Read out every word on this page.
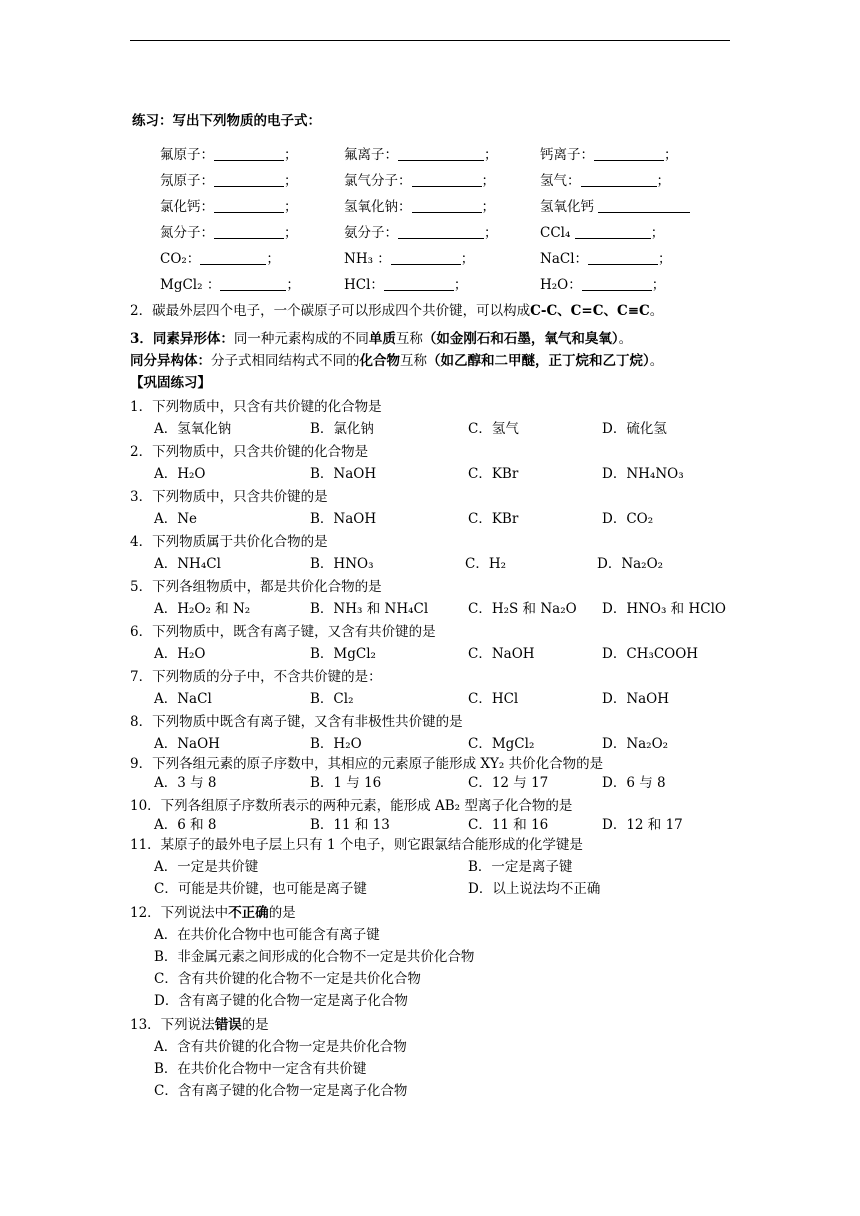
练习：写出下列物质的电子式：
氟原子：	；	氟离子：	；	钙离子：	；
氖原子：	；	氯气分子：	；	氢气：	；
氯化钙：	；	氢氧化钠：	；	氢氧化钙
氮分子：	；	氨分子：	；	CCl₄	；
CO₂：	；	NH₃ ：	；	NaCl：	；
MgCl₂ ：	；	HCl：	；	H₂O：	；
2．碳最外层四个电子，一个碳原子可以形成四个共价键，可以构成C-C、C=C、C≡C。
3．同素异形体：同一种元素构成的不同单质互称（如金刚石和石墨，氧气和臭氧）。
同分异构体：分子式相同结构式不同的化合物互称（如乙醇和二甲醚，正丁烷和乙丁烷）。
【巩固练习】
1．下列物质中，只含有共价键的化合物是
A．氢氧化钠	B．氯化钠	C．氢气	D．硫化氢
2．下列物质中，只含共价键的化合物是
A．H₂O	B．NaOH	C．KBr	D．NH₄NO₃
3．下列物质中，只含共价键的是
A．Ne	B．NaOH	C．KBr	D．CO₂
4．下列物质属于共价化合物的是
A．NH₄Cl	B．HNO₃	C．H₂	D．Na₂O₂
5．下列各组物质中，都是共价化合物的是
A．H₂O₂ 和 N₂	B．NH₃ 和 NH₄Cl	C．H₂S 和 Na₂O D．HNO₃ 和 HClO
6．下列物质中，既含有离子键，又含有共价键的是
A．H₂O	B．MgCl₂	C．NaOH	D．CH₃COOH
7．下列物质的分子中，不含共价键的是：
A．NaCl	B．Cl₂	C．HCl	D．NaOH
8．下列物质中既含有离子键，又含有非极性共价键的是
A．NaOH	B．H₂O	C．MgCl₂	D．Na₂O₂
9．下列各组元素的原子序数中，其相应的元素原子能形成 XY₂ 共价化合物的是
A．3 与 8	B．1 与 16	C．12 与 17	D．6 与 8
10．下列各组原子序数所表示的两种元素，能形成 AB₂ 型离子化合物的是
A．6 和 8	B．11 和 13	C．11 和 16	D．12 和 17
11．某原子的最外电子层上只有 1 个电子，则它跟氯结合能形成的化学键是
A．一定是共价键	B．一定是离子键
C．可能是共价键，也可能是离子键	D．以上说法均不正确
12．下列说法中不正确的是
A．在共价化合物中也可能含有离子键
B．非金属元素之间形成的化合物不一定是共价化合物
C．含有共价键的化合物不一定是共价化合物
D．含有离子键的化合物一定是离子化合物
13．下列说法错误的是
A．含有共价键的化合物一定是共价化合物
B．在共价化合物中一定含有共价键
C．含有离子键的化合物一定是离子化合物
